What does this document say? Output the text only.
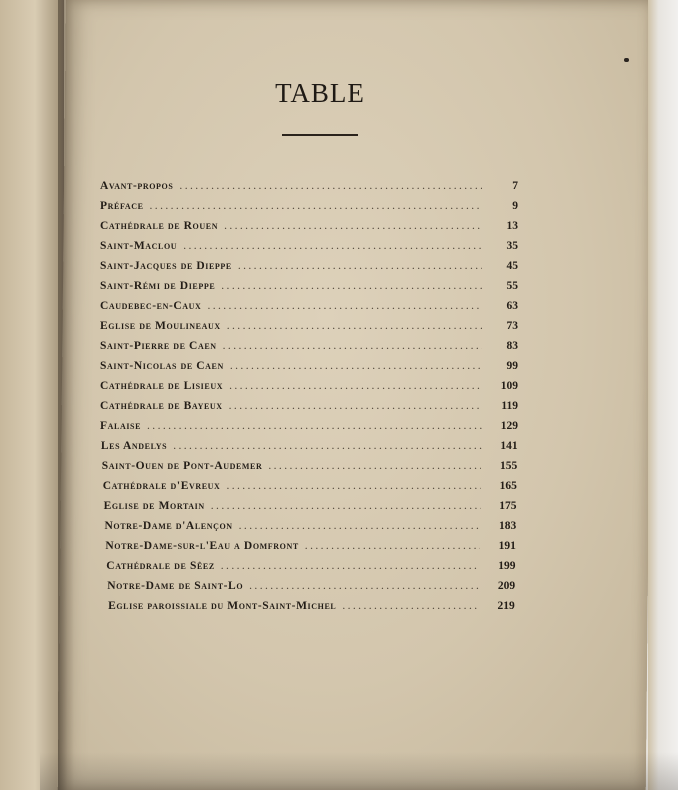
TABLE
Avant-propos .....	7
Préface .....	9
Cathédrale de Rouen .....	13
Saint-Maclou .....	35
Saint-Jacques de Dieppe .....	45
Saint-Rémi de Dieppe .....	55
Caudebec-en-Caux .....	63
Eglise de Moulineaux .....	73
Saint-Pierre de Caen .....	83
Saint-Nicolas de Caen .....	99
Cathédrale de Lisieux .....	109
Cathédrale de Bayeux .....	119
Falaise .....	129
Les Andelys .....	141
Saint-Ouen de Pont-Audemer .....	155
Cathédrale d'Evreux .....	165
Eglise de Mortain .....	175
Notre-Dame d'Alençon .....	183
Notre-Dame-sur-l'Eau a Domfront .....	191
Cathédrale de Sêez .....	199
Notre-Dame de Saint-Lo .....	209
Eglise paroissiale du Mont-Saint-Michel .....	219
